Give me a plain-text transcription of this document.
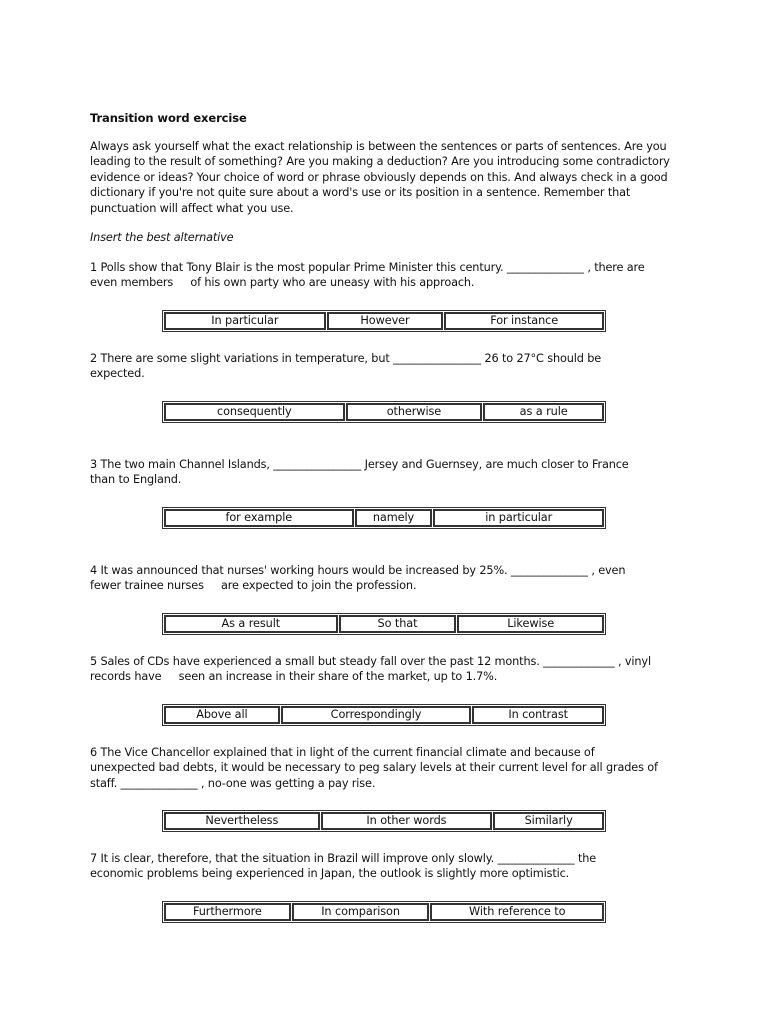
Transition word exercise

Always ask yourself what the exact relationship is between the sentences or parts of sentences. Are you leading to the result of something? Are you making a deduction? Are you introducing some contradictory evidence or ideas? Your choice of word or phrase obviously depends on this. And always check in a good dictionary if you're not quite sure about a word's use or its position in a sentence. Remember that punctuation will affect what you use.

Insert the best alternative
1 Polls show that Tony Blair is the most popular Prime Minister this century. ______________ , there are
even members     of his own party who are uneasy with his approach.
In particular	However	For instance
2 There are some slight variations in temperature, but ________________ 26 to 27°C should be
expected.
consequently	otherwise	as a rule
3 The two main Channel Islands, ________________ Jersey and Guernsey, are much closer to France
than to England.
for example	namely	in particular
4 It was announced that nurses' working hours would be increased by 25%. ______________ , even
fewer trainee nurses     are expected to join the profession.
As a result	So that	Likewise
5 Sales of CDs have experienced a small but steady fall over the past 12 months. _____________ , vinyl
records have     seen an increase in their share of the market, up to 1.7%.
Above all	Correspondingly	In contrast
6 The Vice Chancellor explained that in light of the current financial climate and because of
unexpected bad debts, it would be necessary to peg salary levels at their current level for all grades of
staff. ______________ , no-one was getting a pay rise.
Nevertheless	In other words	Similarly
7 It is clear, therefore, that the situation in Brazil will improve only slowly. ______________ the
economic problems being experienced in Japan, the outlook is slightly more optimistic.
Furthermore	In comparison	With reference to
